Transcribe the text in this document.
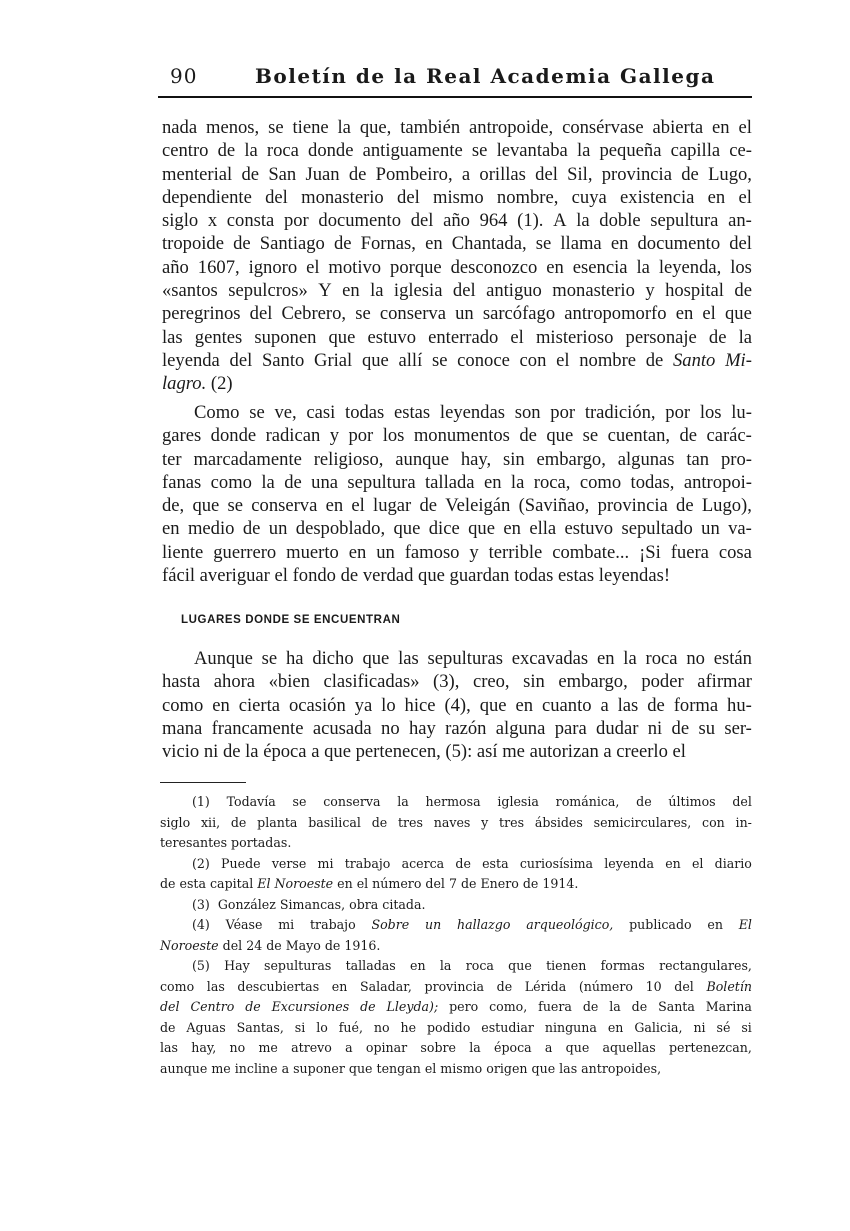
90	Boletín de la Real Academia Gallega
nada menos, se tiene la que, también antropoide, consérvase abierta en el
centro de la roca donde antiguamente se levantaba la pequeña capilla ce-
menterial de San Juan de Pombeiro, a orillas del Sil, provincia de Lugo,
dependiente del monasterio del mismo nombre, cuya existencia en el
siglo x consta por documento del año 964 (1). A la doble sepultura an-
tropoide de Santiago de Fornas, en Chantada, se llama en documento del
año 1607, ignoro el motivo porque desconozco en esencia la leyenda, los
«santos sepulcros» Y en la iglesia del antiguo monasterio y hospital de
peregrinos del Cebrero, se conserva un sarcófago antropomorfo en el que
las gentes suponen que estuvo enterrado el misterioso personaje de la
leyenda del Santo Grial que allí se conoce con el nombre de Santo Mi-
lagro. (2)
Como se ve, casi todas estas leyendas son por tradición, por los lu-
gares donde radican y por los monumentos de que se cuentan, de carác-
ter marcadamente religioso, aunque hay, sin embargo, algunas tan pro-
fanas como la de una sepultura tallada en la roca, como todas, antropoi-
de, que se conserva en el lugar de Veleigán (Saviñao, provincia de Lugo),
en medio de un despoblado, que dice que en ella estuvo sepultado un va-
liente guerrero muerto en un famoso y terrible combate... ¡Si fuera cosa
fácil averiguar el fondo de verdad que guardan todas estas leyendas!
LUGARES DONDE SE ENCUENTRAN
Aunque se ha dicho que las sepulturas excavadas en la roca no están
hasta ahora «bien clasificadas» (3), creo, sin embargo, poder afirmar
como en cierta ocasión ya lo hice (4), que en cuanto a las de forma hu-
mana francamente acusada no hay razón alguna para dudar ni de su ser-
vicio ni de la época a que pertenecen, (5): así me autorizan a creerlo el
(1) Todavía se conserva la hermosa iglesia románica, de últimos del
siglo xii, de planta basilical de tres naves y tres ábsides semicirculares, con in-
teresantes portadas.
(2) Puede verse mi trabajo acerca de esta curiosísima leyenda en el diario
de esta capital El Noroeste en el número del 7 de Enero de 1914.
(3)  González Simancas, obra citada.
(4) Véase mi trabajo Sobre un hallazgo arqueológico, publicado en El
Noroeste del 24 de Mayo de 1916.
(5) Hay sepulturas talladas en la roca que tienen formas rectangulares,
como las descubiertas en Saladar, provincia de Lérida (número 10 del Boletín
del Centro de Excursiones de Lleyda); pero como, fuera de la de Santa Marina
de Aguas Santas, si lo fué, no he podido estudiar ninguna en Galicia, ni sé si
las hay, no me atrevo a opinar sobre la época a que aquellas pertenezcan,
aunque me incline a suponer que tengan el mismo origen que las antropoides,
